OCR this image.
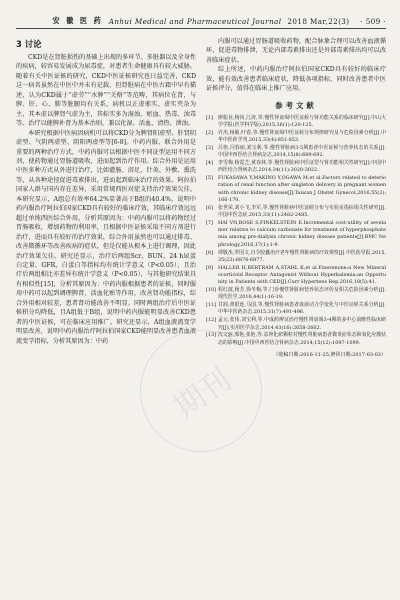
安 徽 医 药 Anhui Medical and Pharmaceutical Journal 2018 Mar,22(3) · 509 ·
3 讨论

CKD是在肾脏损伤的基础上出现的多环节、多脏器以及全身性的疾病，较容易发展成为尿毒症，对患者生命健康具有较大威胁。随着有关中医证候的研究，CKD中医证候研究也日益完善，CKD这一病名虽然在中医中并未有记载，但肾脏病在中医古籍中早有描述，认为CKD属于“虚劳”“水肿”“关格”等范畴，其病位在肾，与脾、肝、心、肺等脏腑均有关系，病机以正虚邪实、虚实夹杂为主，其本虚以脾肾气虚为主，其标实多为湿浊、瘀血、热毒、浊毒等。治疗以健脾补肾为基本治则，兼以化湿、活血、清热、泄浊。

本研究根据中医病因病机可以将CKD分为脾肾阳虚型、肝肾阴虚型、气阴两虚型、阴阳两虚型等[6-8]。中药内服、联合外用是重要的两种治疗方式，中药内服可以根据中医不同证型运用不同方剂，使药物通过胃肠道吸收，进而起到治疗作用。综合外用是运用中医多种方式从外进行治疗，比如灌肠、浴足、针灸、外敷、熏洗等，从各种途径促进毒素排出，进而起到临床治疗的效果。阿拉伯国家人群与国内存在差异，采用常规西医对症支持治疗效果欠佳。本研究显示，A组总有效率64.2%显著高于B组的40.4%，说明中药内服治疗阿拉伯国家CKD具有较好的临床疗效，其临床疗效远远超过单纯西医综合外用，分析其原因为：中药内服可以将药物经过胃肠吸收，增加药物的利用率，且根据中医证候采取不同方剂进行治疗，进而具有较好的治疗效果，综合外用虽然也可以通过排毒、改善微循环等改善疾病的症状，但是仅能从根本上进行调理，因此治疗效果欠佳。研究还显示，治疗后两组Scr、BUN、24 h尿蛋白定量、GFR、白蛋白等指标均有统计学意义（P<0.05），且治疗后两组相比亦差异有统计学意义（P<0.05），与其他研究结果具有相似性[15]，分析其原因为：中药内服根据患者的证候，同时服用中药可以起到调理脾肾、活血化瘀等作用，改善肾功能指标，综合外用相对较差，患者肾功能改善不明显。同时两组治疗后中医证候积分均降低，且A组低于B组，说明中药内服能明显改善CKD患者的中医证候，可在临床应用推广。研究还显示，A组血液流变学明显改善，说明中药内服治疗阿拉伯国家CKD能明显改善患者血液流变学指标，分析其原因为：中药

内服可以通过胃肠道吸收药物，配合脉象合理可以改善血液循环，促进毒物排泄，无论内部毒素排出还是外部毒素排出均可以改善临床症状。

综上所述，中药内服治疗阿拉伯国家CKD具有较好的临床疗效，能有效改善患者临床症状，降低各项指标，同时改善患者中医证候评分，值得在临床上推广应用。

参考文献
[1]	廖振业,杨钧,江涛,等.慢性肾衰竭中医证候与肾功能关系的临床研究[J].中山大学学报(医学科学版),2015,36(1):120-125.
[2]	许杰,杨敏,叶春,等.慢性肾衰竭中医证候分布规律研究及与危险因素分析[J].中华中医药学刊,2015,33(4):851-853.
[3]	吕艳,闫春丽,刘宝利,等.慢性肾脏病3-5期患者中医证候与营养状态的关系[J].中国中西医结合肾病杂志,2014,15(8):689-692.
[4]	李雪梅,杨霓芝,黄春林,等.慢性肾脏病中医证型与肾功能相关性研究[J].中国中西医结合肾病杂志,2014,34(11):3020-3022.
[5]	FUKASAWA Y,MAKINO Y,OGAWA M,et al.Factors related to deterioration of renal function after singleton delivery in pregnant women with chronic kidney disease[J].Taiwan J Obstet Gynecol,2016,55(2):166-170.
[6]	张世荣,刘小飞,李军,等.慢性肾脏病中医证候分布与实验室指标相关性研究[J].中国中医急症,2015,33(11):2482-2485.
[7]	HAI VN,BOSE S,FINKELSTEIN E.Incremental cost-utility of sevelamer relative to calcium carbonate for treatment of hyperphosphatemia among pre-dialysis chronic kidney disease patients[J].BMC Nephrology,2016,17(1):1-9.
[8]	谭敬杰,罗国文,百令胶囊治疗老年慢性肾脏病的疗效观察[J].中医药导报,2015,35(23):6876-6877.
[9]	HALLER H,BERTRAM A,STAHL K,et al.Finerenone:a New Mineralocorticoid Receptor Antagonist Without Hyperkalemia:an Opportunity in Patients with CKD[J].Curr Hypertens Rep,2016,18(5):41.
[10] 程红波,杨芳,徐冬梅,等.门诊慢性肾脏病营养状态评价及相关危险因素分析[J].现代医学,2016,44(1):16-19.
[11] 甘润,黄银连,马国,等.慢性肾脏病患者血液动力学变化与中医证候关系分析[J].中华中医药杂志,2015,31(7):491-496.
[12] 孟元,张伟,刘宝利,等.中成药辨证治疗慢性肾衰竭3-4期的多中心前瞻性临床研究[J].实用医学杂志,2014,43(16):2658-2662.
[13] 沈文丽,邢艳,张艳,等.益肾化瘀颗粒对慢性肾脏病患者微炎症状态和氧化应激状态的影响[J].中国中西医结合肾病杂志,2014,15(12):1097-1099.
（收稿日期:2016-11-25,修回日期:2017-03-03）
期刊
